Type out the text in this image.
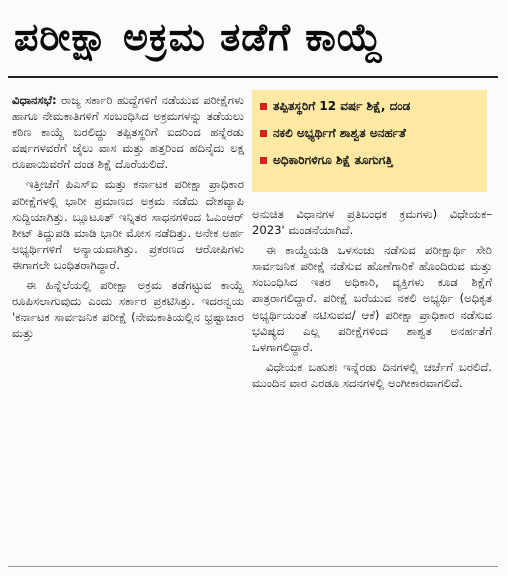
ಪರೀಕ್ಷಾ ಅಕ್ರಮ ತಡೆಗೆ ಕಾಯ್ದೆ

ವಿಧಾನಸಭೆ: ರಾಜ್ಯ ಸರ್ಕಾರಿ ಹುದ್ದೆಗಳಿಗೆ ನಡೆಯುವ ಪರೀಕ್ಷೆಗಳು ಹಾಗೂ ನೇಮಕಾತಿಗಳಿಗೆ ಸಂಬಂಧಿಸಿದ ಅಕ್ರಮಗಳನ್ನು ತಡೆಯಲು ಕಠಿಣ ಕಾಯ್ದೆ ಬರಲಿದ್ದು ತಪ್ಪಿತಸ್ಥರಿಗೆ ಐದರಿಂದ ಹನ್ನೆರಡು ವರ್ಷಗಳವರೆಗೆ ಜೈಲು ವಾಸ ಮತ್ತು ಹತ್ತರಿಂದ ಹದಿನೈದು ಲಕ್ಷ ರೂಪಾಯಿವರೆಗೆ ದಂಡ ಶಿಕ್ಷೆ ದೊರೆಯಲಿದೆ.

ಇತ್ತೀಚೆಗೆ ಪಿಎಸ್‌ಐ ಮತ್ತು ಕರ್ನಾಟಕ ಪರೀಕ್ಷಾ ಪ್ರಾಧಿಕಾರ ಪರೀಕ್ಷೆಗಳಲ್ಲಿ ಭಾರೀ ಪ್ರಮಾಣದ ಅಕ್ರಮ ನಡೆದು ದೇಶವ್ಯಾಪಿ ಸುದ್ದಿಯಾಗಿತ್ತು. ಬ್ಲೂಟೂತ್ ಇನ್ನಿತರ ಸಾಧನಗಳಿಂದ ಓಎಂಆರ್ ಶೀಟ್ ತಿದ್ದುಪಡಿ ಮಾಡಿ ಭಾರೀ ಮೋಸ ನಡೆದಿತ್ತು. ಅನೇಕ ಅರ್ಹ ಅಭ್ಯರ್ಥಿಗಳಿಗೆ ಅನ್ಯಾಯವಾಗಿತ್ತು. ಪ್ರಕರಣದ ಆರೋಪಿಗಳು ಈಗಾಗಲೇ ಬಂಧಿತರಾಗಿದ್ದಾರೆ.

ಈ ಹಿನ್ನೆಲೆಯಲ್ಲಿ ಪರೀಕ್ಷಾ ಅಕ್ರಮ ತಡೆಗಟ್ಟುವ ಕಾಯ್ದೆ ರೂಪಿಸಲಾಗುವುದು ಎಂದು ಸರ್ಕಾರ ಪ್ರಕಟಿಸಿತ್ತು. ಇದರನ್ವಯ 'ಕರ್ನಾಟಕ ಸಾರ್ವಜನಿಕ ಪರೀಕ್ಷೆ (ನೇಮಕಾತಿಯಲ್ಲಿನ ಭ್ರಷ್ಟಾಚಾರ ಮತ್ತು

ತಪ್ಪಿತಸ್ಥರಿಗೆ 12 ವರ್ಷ ಶಿಕ್ಷೆ, ದಂಡ
ನಕಲಿ ಅಭ್ಯರ್ಥಿಗೆ ಶಾಶ್ವತ ಅನರ್ಹತೆ
ಅಧಿಕಾರಿಗಳಿಗೂ ಶಿಕ್ಷೆ ತೂಗುಗತ್ತಿ

ಅನುಚಿತ ವಿಧಾನಗಳ ಪ್ರತಿಬಂಧಕ ಕ್ರಮಗಳು) ವಿಧೇಯಕ– 2023' ಮಂಡನೆಯಾಗಿದೆ.

ಈ ಕಾಯ್ದೆಯಡಿ ಒಳಸಂಚು ನಡೆಸುವ ಪರೀಕ್ಷಾರ್ಥಿ ಸೇರಿ ಸಾರ್ವಜನಿಕ ಪರೀಕ್ಷೆ ನಡೆಸುವ ಹೊಣೆಗಾರಿಕೆ ಹೊಂದಿರುವ ಮತ್ತು ಸಂಬಂಧಿಸಿದ ಇತರ ಅಧಿಕಾರಿ, ವ್ಯಕ್ತಿಗಳು ಕೂಡ ಶಿಕ್ಷೆಗೆ ಪಾತ್ರರಾಗಲಿದ್ದಾರೆ. ಪರೀಕ್ಷೆ ಬರೆಯುವ ನಕಲಿ ಅಭ್ಯರ್ಥಿ (ಅಧಿಕೃತ ಅಭ್ಯರ್ಥಿಯಂತೆ ನಟಿಸುವವ/ ಆಕೆ) ಪರೀಕ್ಷಾ ಪ್ರಾಧಿಕಾರ ನಡೆಸುವ ಭವಿಷ್ಯದ ಎಲ್ಲ ಪರೀಕ್ಷೆಗಳಿಂದ ಶಾಶ್ವತ ಅನರ್ಹತೆಗೆ ಒಳಗಾಗಲಿದ್ದಾರೆ.

ವಿಧೇಯಕ ಬಹುಶಃ ಇನ್ನೆರಡು ದಿನಗಳಲ್ಲಿ ಚರ್ಚೆಗೆ ಬರಲಿದೆ. ಮುಂದಿನ ವಾರ ಎರಡೂ ಸದನಗಳಲ್ಲಿ ಅಂಗೀಕಾರವಾಗಲಿದೆ.
